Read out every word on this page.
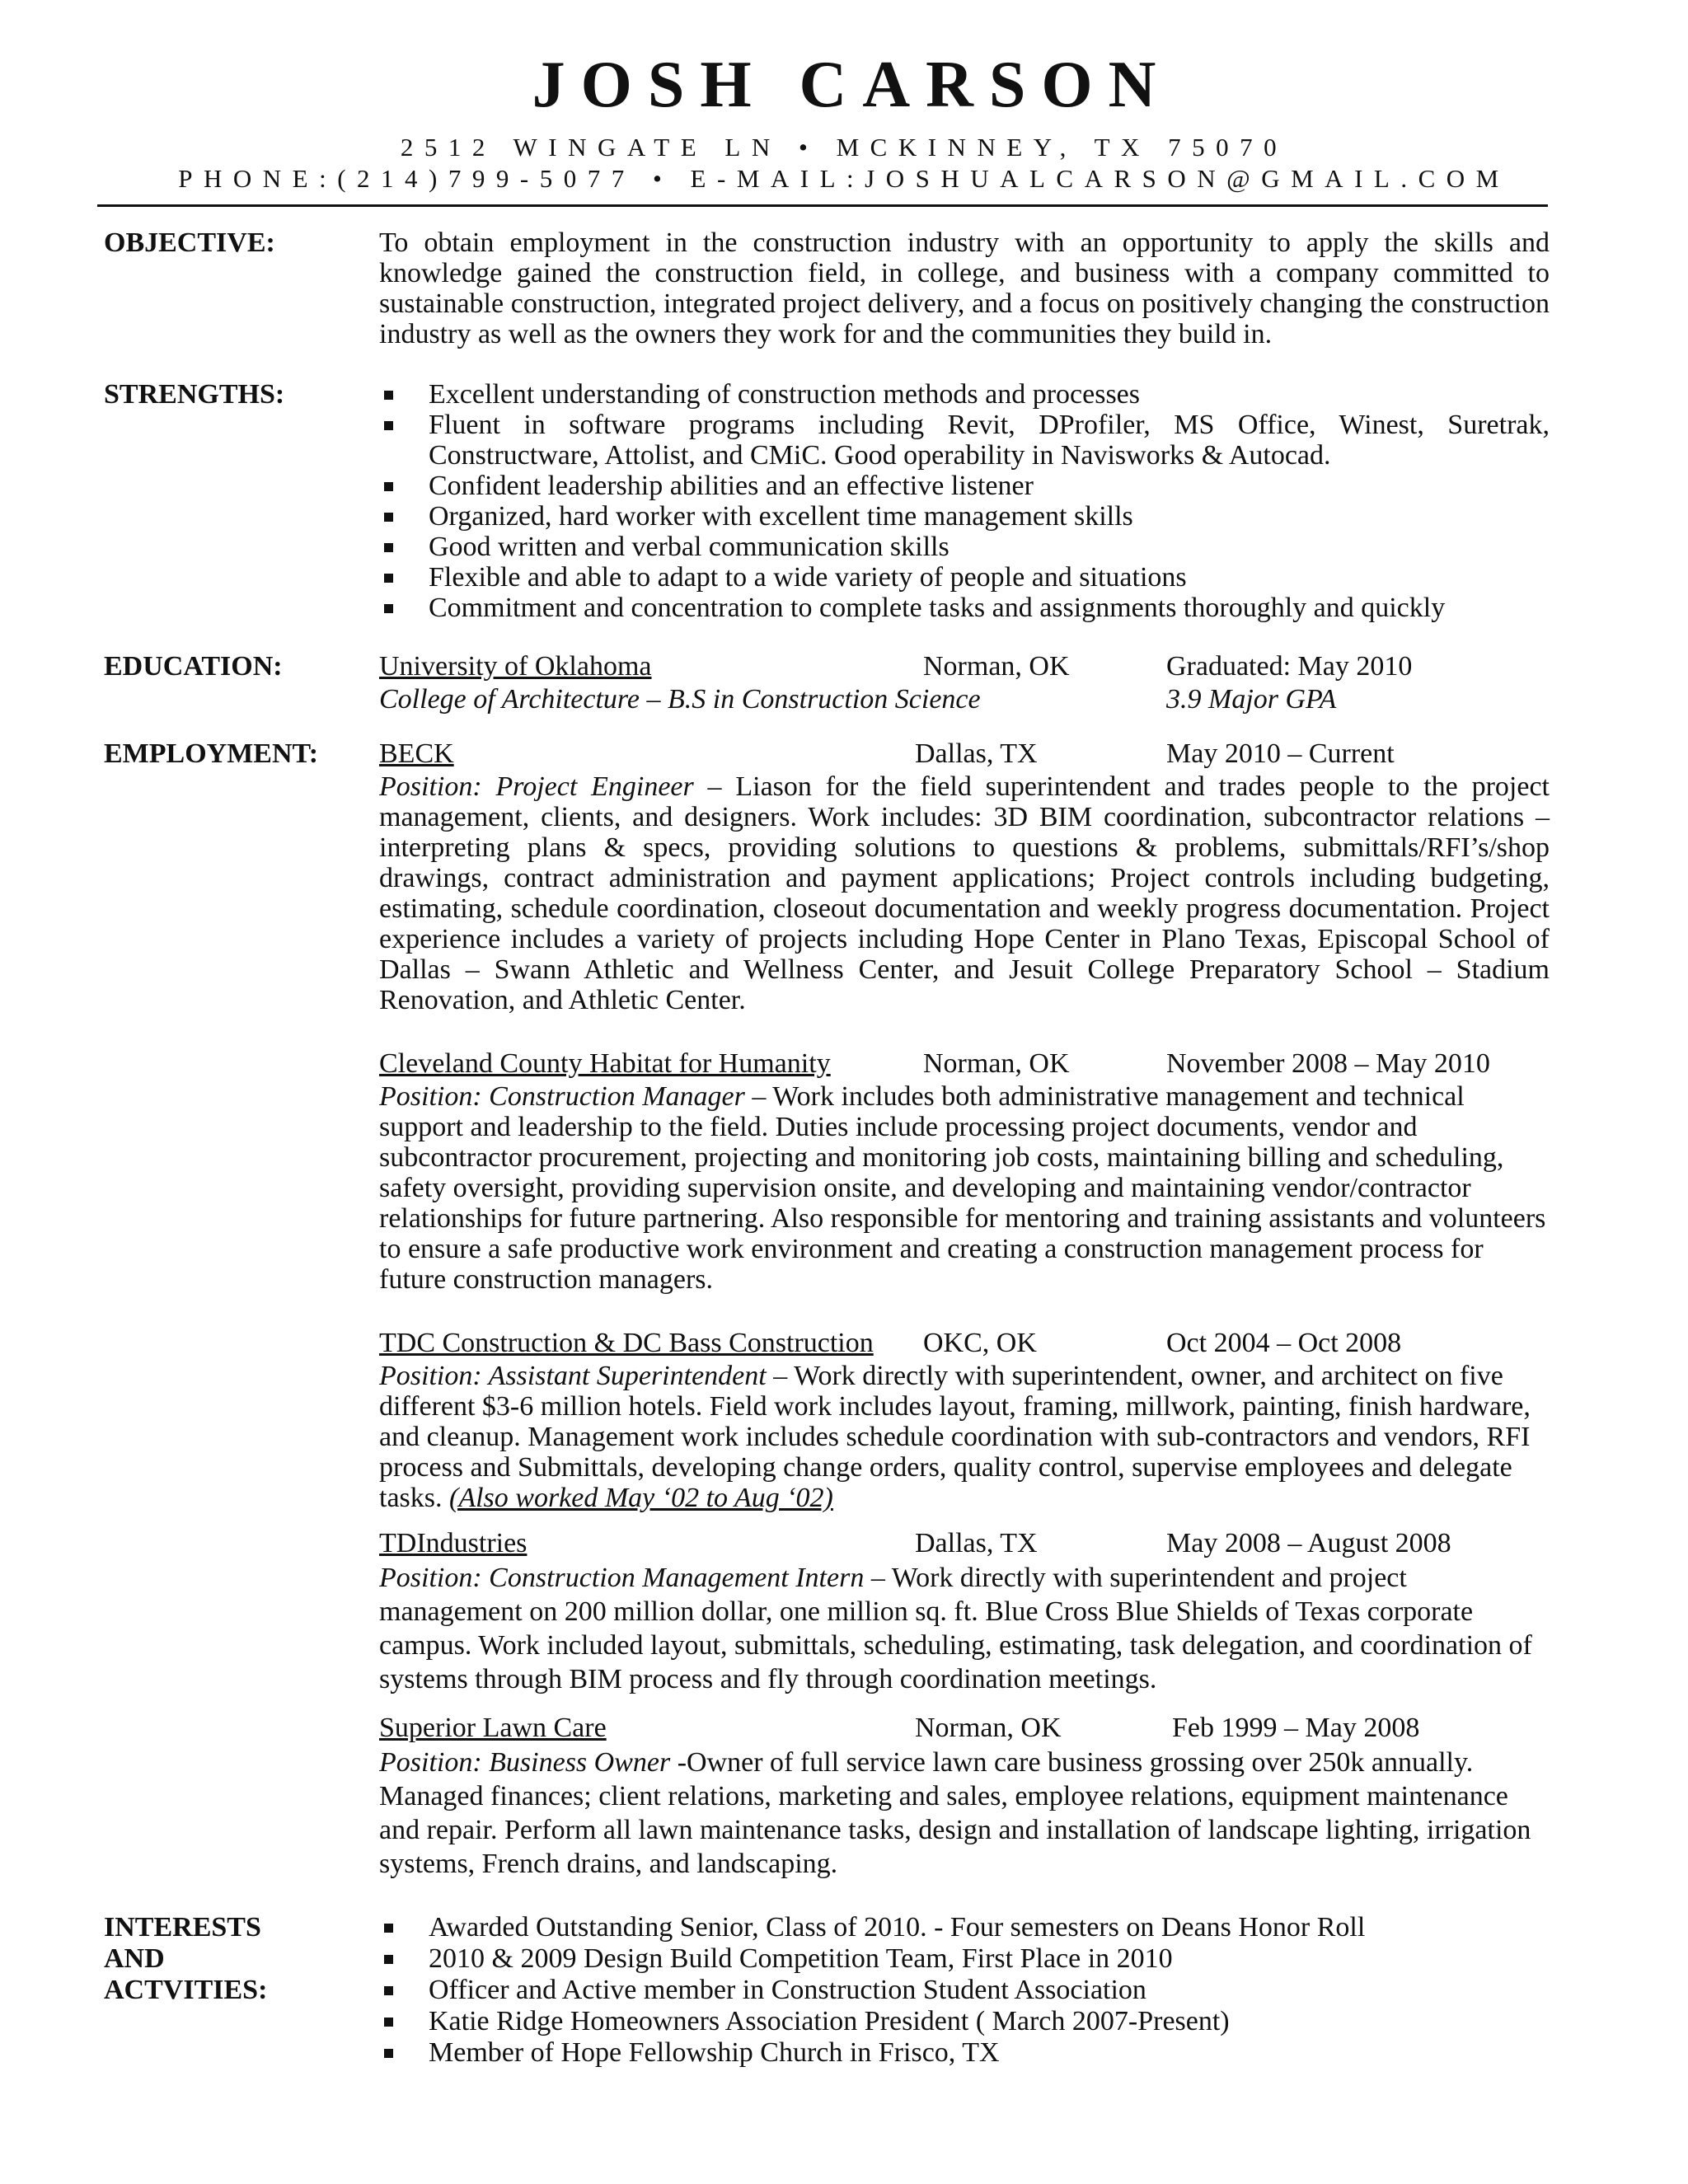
JOSH CARSON
2512 WINGATE LN • MCKINNEY, TX 75070
PHONE:(214)799-5077 • E-MAIL:JOSHUALCARSON@GMAIL.COM
OBJECTIVE:	To obtain employment in the construction industry with an opportunity to apply the skills and knowledge gained the construction field, in college, and business with a company committed to sustainable construction, integrated project delivery, and a focus on positively changing the construction industry as well as the owners they work for and the communities they build in.
STRENGTHS:	Excellent understanding of construction methods and processes
Fluent in software programs including Revit, DProfiler, MS Office, Winest, Suretrak, Constructware, Attolist, and CMiC. Good operability in Navisworks & Autocad.
Confident leadership abilities and an effective listener
Organized, hard worker with excellent time management skills
Good written and verbal communication skills
Flexible and able to adapt to a wide variety of people and situations
Commitment and concentration to complete tasks and assignments thoroughly and quickly
EDUCATION:	University of Oklahoma	Norman, OK	Graduated: May 2010
College of Architecture – B.S in Construction Science	3.9 Major GPA
EMPLOYMENT:	BECK	Dallas, TX	May 2010 – Current
Position: Project Engineer – Liason for the field superintendent and trades people to the project management, clients, and designers. Work includes: 3D BIM coordination, subcontractor relations – interpreting plans & specs, providing solutions to questions & problems, submittals/RFI’s/shop drawings, contract administration and payment applications; Project controls including budgeting, estimating, schedule coordination, closeout documentation and weekly progress documentation. Project experience includes a variety of projects including Hope Center in Plano Texas, Episcopal School of Dallas – Swann Athletic and Wellness Center, and Jesuit College Preparatory School – Stadium Renovation, and Athletic Center.
Cleveland County Habitat for Humanity	Norman, OK	November 2008 – May 2010
Position: Construction Manager – Work includes both administrative management and technical support and leadership to the field. Duties include processing project documents, vendor and subcontractor procurement, projecting and monitoring job costs, maintaining billing and scheduling, safety oversight, providing supervision onsite, and developing and maintaining vendor/contractor relationships for future partnering. Also responsible for mentoring and training assistants and volunteers to ensure a safe productive work environment and creating a construction management process for future construction managers.
TDC Construction & DC Bass Construction OKC, OK	Oct 2004 – Oct 2008
Position: Assistant Superintendent – Work directly with superintendent, owner, and architect on five different $3-6 million hotels. Field work includes layout, framing, millwork, painting, finish hardware, and cleanup. Management work includes schedule coordination with sub-contractors and vendors, RFI process and Submittals, developing change orders, quality control, supervise employees and delegate tasks. (Also worked May ‘02 to Aug ‘02)
TDIndustries	Dallas, TX	May 2008 – August 2008
Position: Construction Management Intern – Work directly with superintendent and project management on 200 million dollar, one million sq. ft. Blue Cross Blue Shields of Texas corporate campus. Work included layout, submittals, scheduling, estimating, task delegation, and coordination of systems through BIM process and fly through coordination meetings.
Superior Lawn Care	Norman, OK	Feb 1999 – May 2008
Position: Business Owner -Owner of full service lawn care business grossing over 250k annually. Managed finances; client relations, marketing and sales, employee relations, equipment maintenance and repair. Perform all lawn maintenance tasks, design and installation of landscape lighting, irrigation systems, French drains, and landscaping.
INTERESTS
AND
ACTVITIES:
Awarded Outstanding Senior, Class of 2010. - Four semesters on Deans Honor Roll
2010 & 2009 Design Build Competition Team, First Place in 2010
Officer and Active member in Construction Student Association
Katie Ridge Homeowners Association President ( March 2007-Present)
Member of Hope Fellowship Church in Frisco, TX
